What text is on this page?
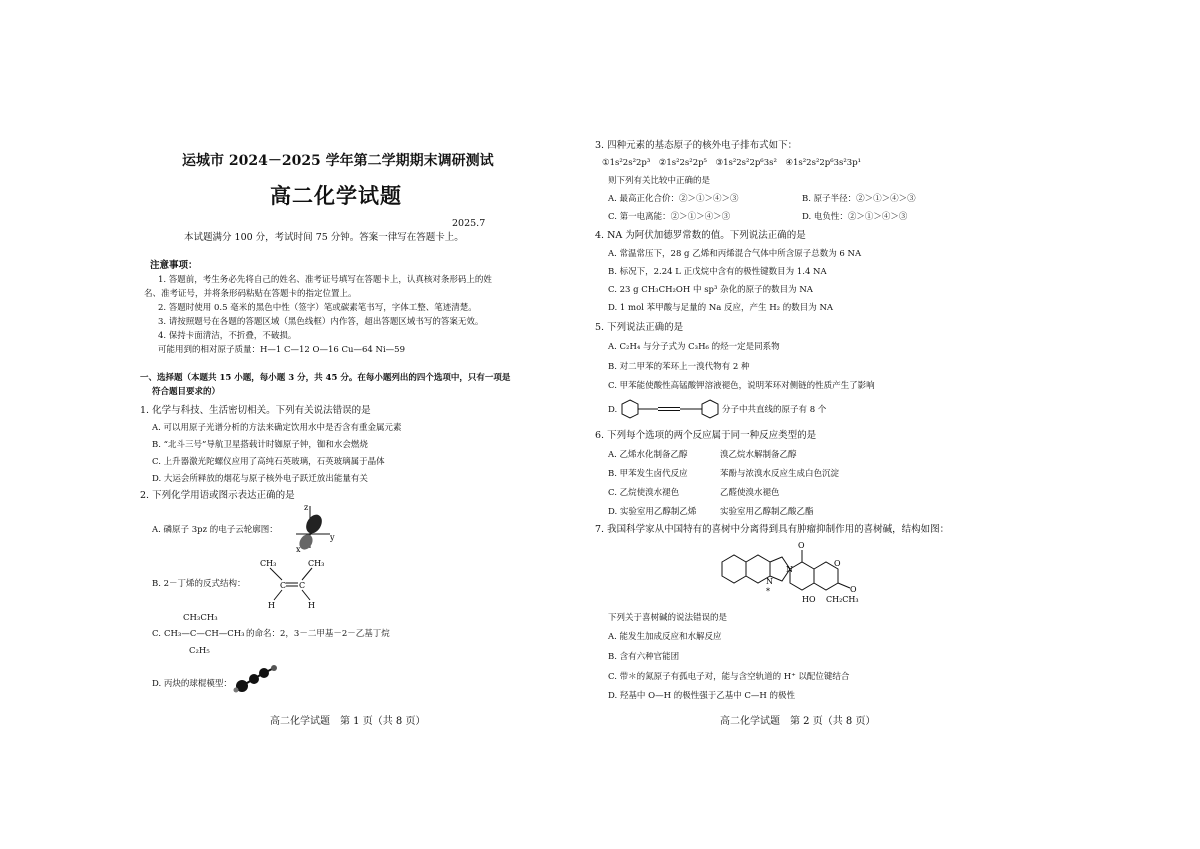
运城市 2024－2025 学年第二学期期末调研测试
高二化学试题
2025.7
本试题满分 100 分，考试时间 75 分钟。答案一律写在答题卡上。
注意事项：
1. 答题前，考生务必先将自己的姓名、准考证号填写在答题卡上，认真核对条形码上的姓
名、准考证号，并将条形码粘贴在答题卡的指定位置上。
2. 答题时使用 0.5 毫米的黑色中性（签字）笔或碳素笔书写，字体工整、笔迹清楚。
3. 请按照题号在各题的答题区域（黑色线框）内作答，超出答题区域书写的答案无效。
4. 保持卡面清洁，不折叠，不破损。
可能用到的相对原子质量：H—1 C—12 O—16 Cu—64 Ni—59
一、选择题（本题共 15 小题，每小题 3 分，共 45 分。在每小题列出的四个选项中，只有一项是
符合题目要求的）
1. 化学与科技、生活密切相关。下列有关说法错误的是
A. 可以用原子光谱分析的方法来确定饮用水中是否含有重金属元素
B. “北斗三号”导航卫星搭载计时铷原子钟，铷和水会燃烧
C. 上升器激光陀螺仪应用了高纯石英玻璃，石英玻璃属于晶体
D. 大运会所释放的烟花与原子核外电子跃迁放出能量有关
2. 下列化学用语或图示表达正确的是
A. 磷原子 3pz 的电子云轮廓图：
z
y
x
B. 2－丁烯的反式结构：
CH₃	CH₃
C C
H	H
CH₃CH₃
C. CH₃—C—CH—CH₃ 的命名：2，3－二甲基－2－乙基丁烷
C₂H₅
D. 丙炔的球棍模型：
高二化学试题　第 1 页（共 8 页）
3. 四种元素的基态原子的核外电子排布式如下：
①1s²2s²2p³　②1s²2s²2p⁵　③1s²2s²2p⁶3s²　④1s²2s²2p⁶3s²3p¹
则下列有关比较中正确的是
A. 最高正化合价：②＞①＞④＞③	B. 原子半径：②＞①＞④＞③
C. 第一电离能：②＞①＞④＞③	D. 电负性：②＞①＞④＞③
4. NA 为阿伏加德罗常数的值。下列说法正确的是
A. 常温常压下，28 g 乙烯和丙烯混合气体中所含原子总数为 6 NA
B. 标况下，2.24 L 正戊烷中含有的极性键数目为 1.4 NA
C. 23 g CH₃CH₂OH 中 sp³ 杂化的原子的数目为 NA
D. 1 mol 苯甲酸与足量的 Na 反应，产生 H₂ 的数目为 NA
5. 下列说法正确的是
A. C₂H₄ 与分子式为 C₃H₆ 的烃一定是同系物
B. 对二甲苯的苯环上一溴代物有 2 种
C. 甲苯能使酸性高锰酸钾溶液褪色，说明苯环对侧链的性质产生了影响
D.	分子中共直线的原子有 8 个
6. 下列每个选项的两个反应属于同一种反应类型的是
A. 乙烯水化制备乙醇	溴乙烷水解制备乙醇
B. 甲苯发生卤代反应	苯酚与浓溴水反应生成白色沉淀
C. 乙烷使溴水褪色	乙醛使溴水褪色
D. 实验室用乙醇制乙烯	实验室用乙醇制乙酸乙酯
7. 我国科学家从中国特有的喜树中分离得到具有肿瘤抑制作用的喜树碱，结构如图：
O
O
O
N
N
*
HO CH₂CH₃
下列关于喜树碱的说法错误的是
A. 能发生加成反应和水解反应
B. 含有六种官能团
C. 带＊的氮原子有孤电子对，能与含空轨道的 H⁺ 以配位键结合
D. 羟基中 O—H 的极性强于乙基中 C—H 的极性
高二化学试题　第 2 页（共 8 页）
